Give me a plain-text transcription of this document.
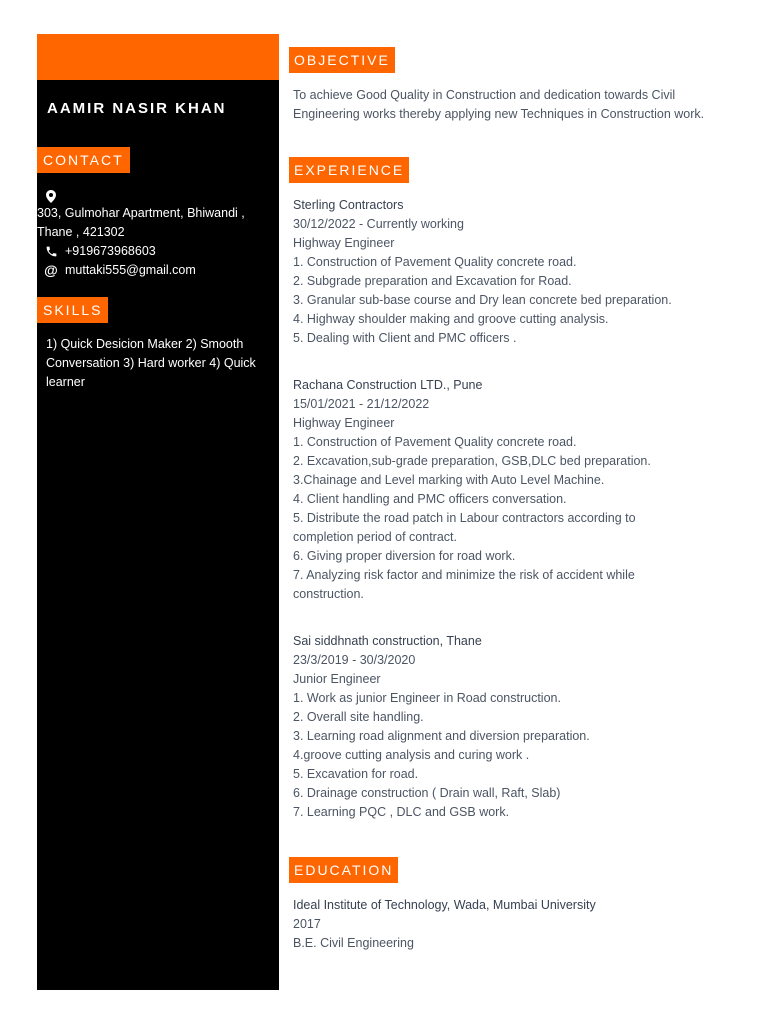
AAMIR NASIR KHAN
CONTACT
303, Gulmohar Apartment, Bhiwandi , Thane , 421302
+919673968603
@ muttaki555@gmail.com
SKILLS
1) Quick Desicion Maker 2) Smooth Conversation 3) Hard worker 4) Quick learner
OBJECTIVE
To achieve Good Quality in Construction and dedication towards Civil Engineering works thereby applying new Techniques in Construction work.
EXPERIENCE
Sterling Contractors
30/12/2022 - Currently working
Highway Engineer
1. Construction of Pavement Quality concrete road.
2. Subgrade preparation and Excavation for Road.
3. Granular sub-base course and Dry lean concrete bed preparation.
4. Highway shoulder making and groove cutting analysis.
5. Dealing with Client and PMC officers .
Rachana Construction LTD., Pune
15/01/2021 - 21/12/2022
Highway Engineer
1. Construction of Pavement Quality concrete road.
2. Excavation,sub-grade preparation, GSB,DLC bed preparation.
3.Chainage and Level marking with Auto Level Machine.
4. Client handling and PMC officers conversation.
5. Distribute the road patch in Labour contractors according to completion period of contract.
6. Giving proper diversion for road work.
7. Analyzing risk factor and minimize the risk of accident while construction.
Sai siddhnath construction, Thane
23/3/2019 - 30/3/2020
Junior Engineer
1. Work as junior Engineer in Road construction.
2. Overall site handling.
3. Learning road alignment and diversion preparation.
4.groove cutting analysis and curing work .
5. Excavation for road.
6. Drainage construction ( Drain wall, Raft, Slab)
7. Learning PQC , DLC and GSB work.
EDUCATION
Ideal Institute of Technology, Wada, Mumbai University
2017
B.E. Civil Engineering
